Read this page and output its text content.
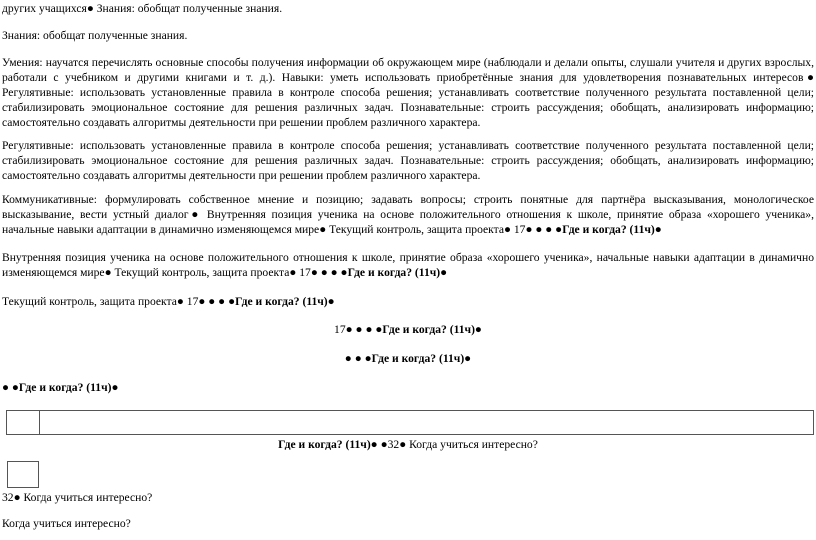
других учащихся● Знания: обобщат полученные знания.

Знания: обобщат полученные знания.

Умения: научатся перечислять основные способы получения информации об окружающем мире (наблюдали и делали опыты, слушали учителя и других взрослых, работали с учебником и другими книгами и т. д.). Навыки: уметь использовать приобретённые знания для удовлетворения познавательных интересов● Регулятивные: использовать установленные правила в контроле способа решения; устанавливать соответствие полученного результата поставленной цели; стабилизировать эмоциональное состояние для решения различных задач. Познавательные: строить рассуждения; обобщать, анализировать информацию; самостоятельно создавать алгоритмы деятельности при решении проблем различного характера.

Регулятивные: использовать установленные правила в контроле способа решения; устанавливать соответствие полученного результата поставленной цели; стабилизировать эмоциональное состояние для решения различных задач. Познавательные: строить рассуждения; обобщать, анализировать информацию; самостоятельно создавать алгоритмы деятельности при решении проблем различного характера.

Коммуникативные: формулировать собственное мнение и позицию; задавать вопросы; строить понятные для партнёра высказывания, монологическое высказывание, вести устный диалог● Внутренняя позиция ученика на основе положительного отношения к школе, принятие образа «хорошего ученика», начальные навыки адаптации в динамично изменяющемся мире● Текущий контроль, защита проекта● 17● ● ● ●Где и когда? (11ч)●

Внутренняя позиция ученика на основе положительного отношения к школе, принятие образа «хорошего ученика», начальные навыки адаптации в динамично изменяющемся мире● Текущий контроль, защита проекта● 17● ● ● ●Где и когда? (11ч)●

Текущий контроль, защита проекта● 17● ● ● ●Где и когда? (11ч)●

17● ● ● ●Где и когда? (11ч)●

● ● ●Где и когда? (11ч)●

● ●Где и когда? (11ч)●

Где и когда? (11ч)● ●32● Когда учиться интересно?

32● Когда учиться интересно?

Когда учиться интересно?
